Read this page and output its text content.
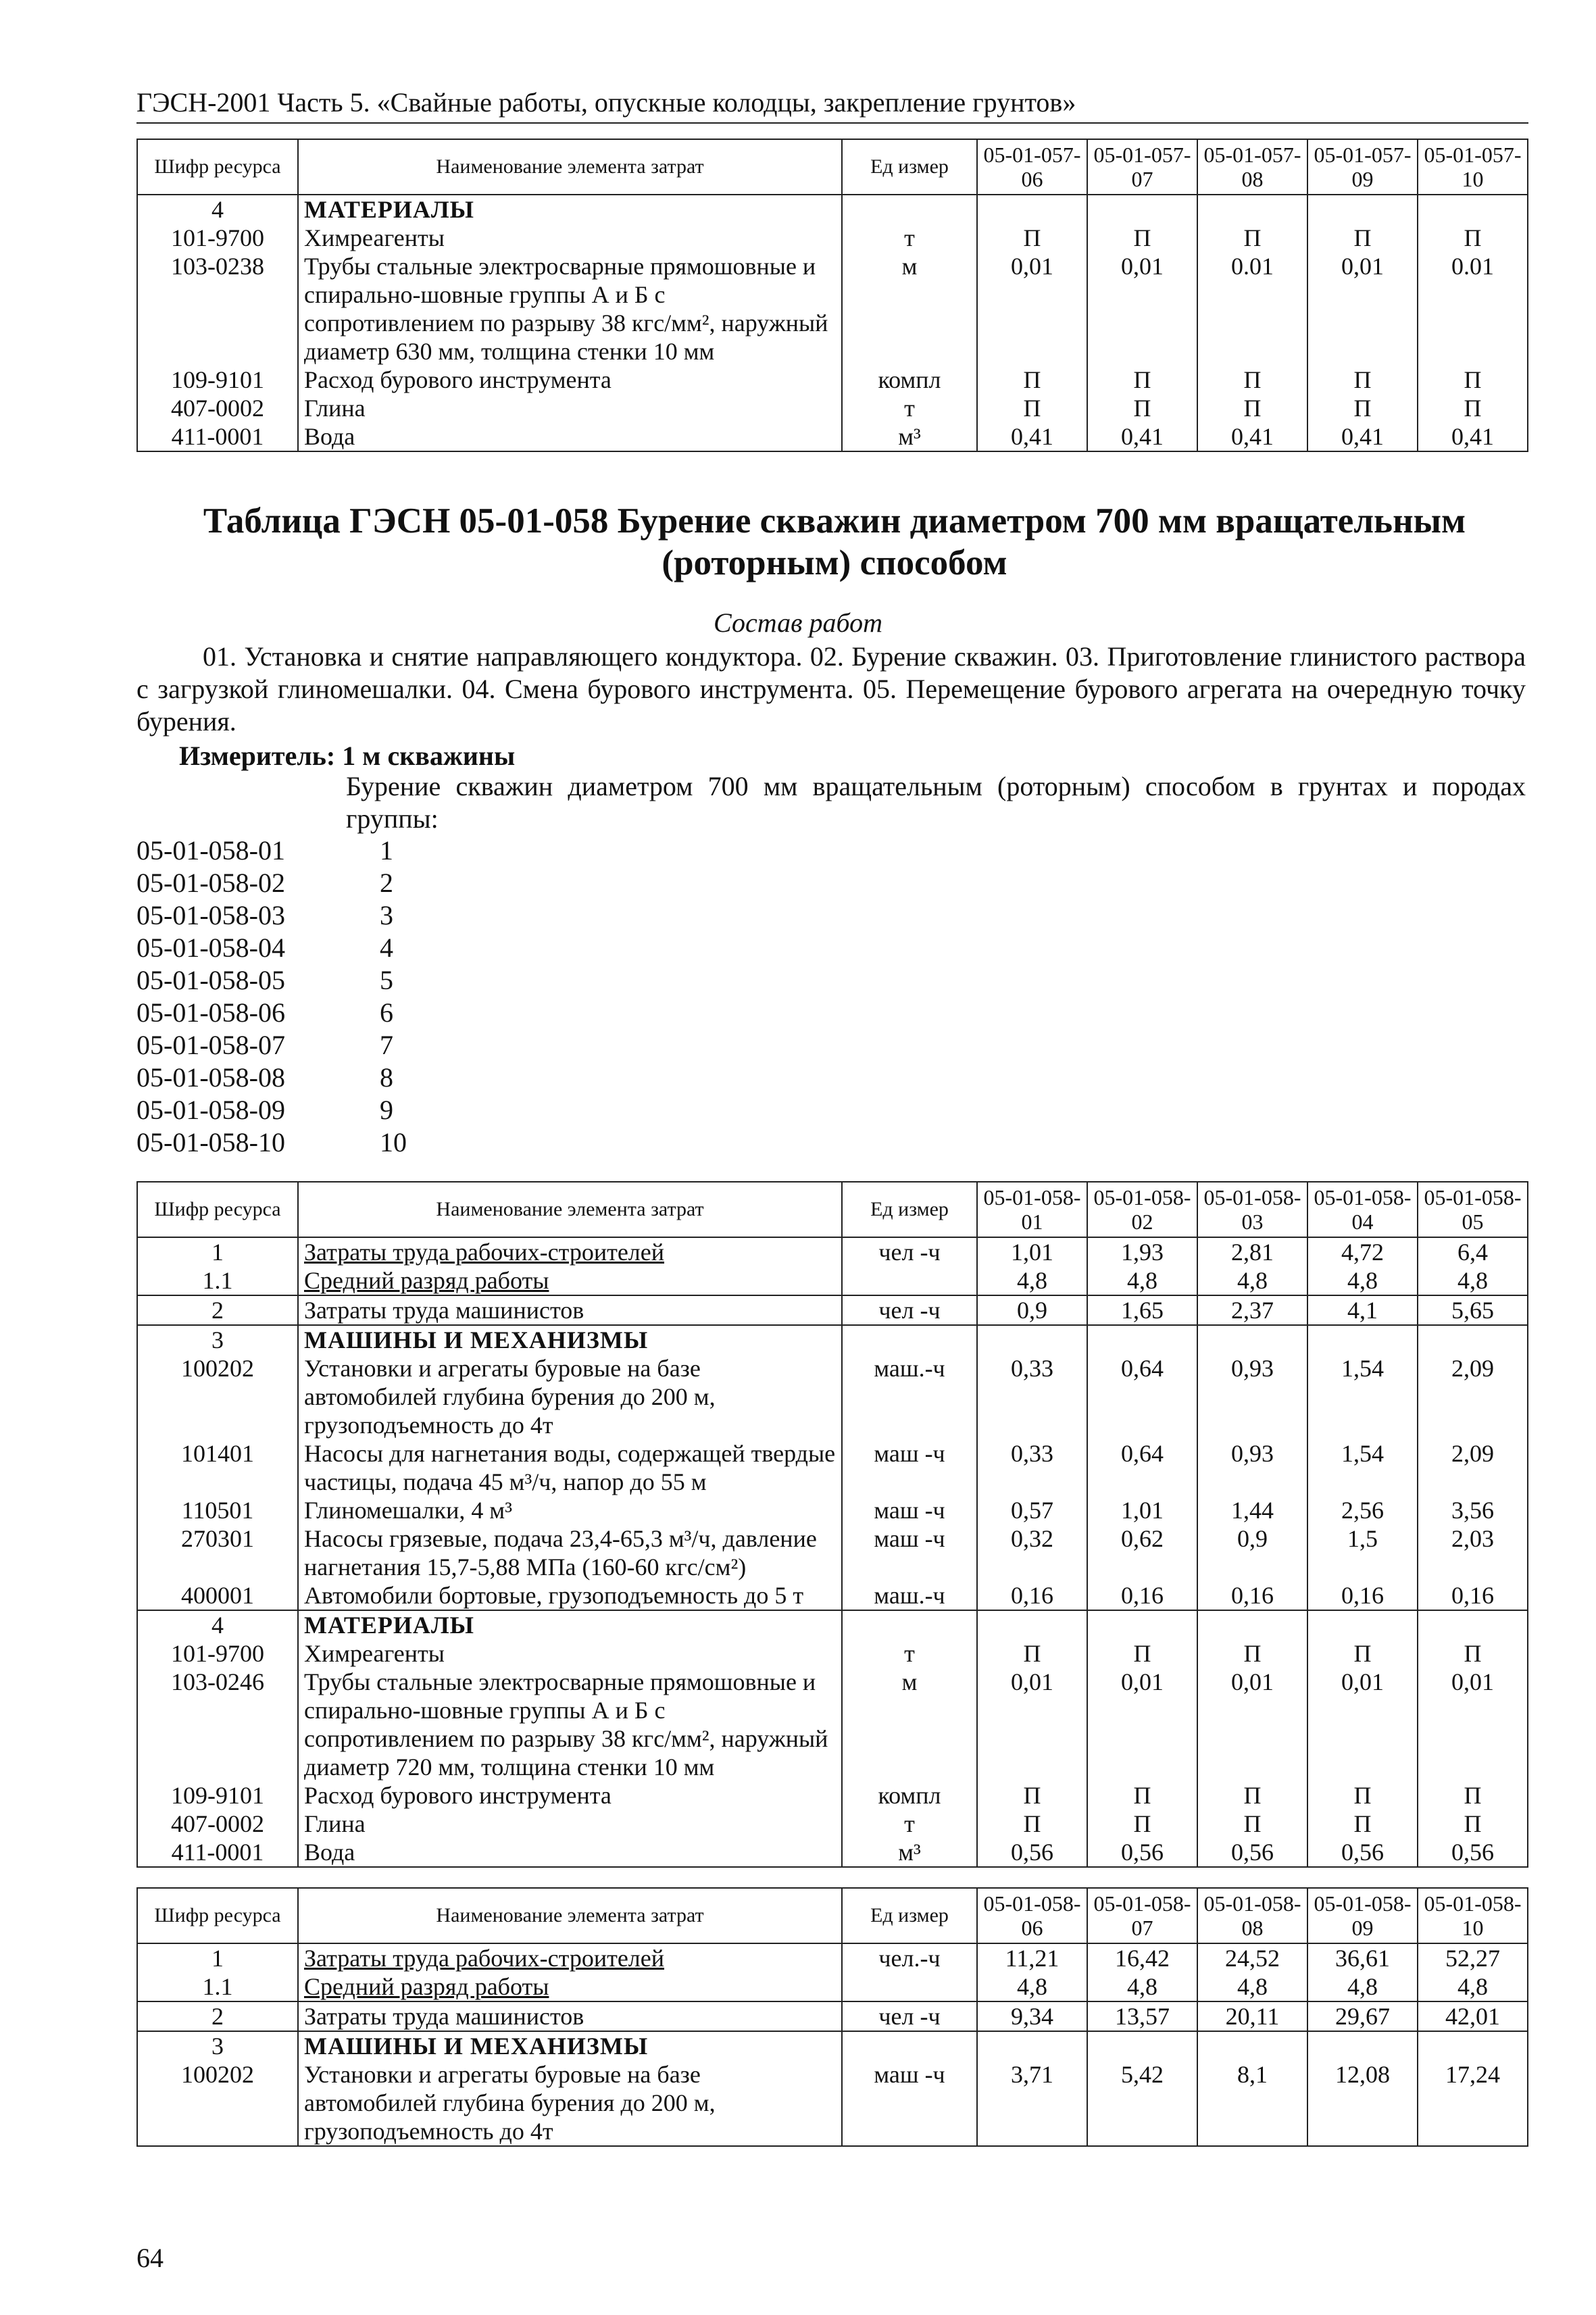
ГЭСН-2001 Часть 5. «Свайные работы, опускные колодцы, закрепление грунтов»
Шифр ресурса	Наименование элемента затрат	Ед измер	05-01-057-06	05-01-057-07	05-01-057-08	05-01-057-09	05-01-057-10
4	МАТЕРИАЛЫ						
101-9700	Химреагенты	т	П	П	П	П	П
103-0238	Трубы стальные электросварные прямошовные и спирально-шовные группы А и Б с сопротивлением по разрыву 38 кгс/мм², наружный диаметр 630 мм, толщина стенки 10 мм	м	0,01	0,01	0.01	0,01	0.01
109-9101	Расход бурового инструмента	компл	П	П	П	П	П
407-0002	Глина	т	П	П	П	П	П
411-0001	Вода	м³	0,41	0,41	0,41	0,41	0,41
Таблица ГЭСН 05-01-058 Бурение скважин диаметром 700 мм вращательным (роторным) способом
Состав работ
01. Установка и снятие направляющего кондуктора. 02. Бурение скважин. 03. Приготовление глинистого раствора с загрузкой глиномешалки. 04. Смена бурового инструмента. 05. Перемещение бурового агрегата на очередную точку бурения.
Измеритель: 1 м скважины
Бурение скважин диаметром 700 мм вращательным (роторным) способом в грунтах и породах группы:
05-01-058-01	1
05-01-058-02	2
05-01-058-03	3
05-01-058-04	4
05-01-058-05	5
05-01-058-06	6
05-01-058-07	7
05-01-058-08	8
05-01-058-09	9
05-01-058-10	10
Шифр ресурса	Наименование элемента затрат	Ед измер	05-01-058-01	05-01-058-02	05-01-058-03	05-01-058-04	05-01-058-05
1	Затраты труда рабочих-строителей	чел -ч	1,01	1,93	2,81	4,72	6,4
1.1	Средний разряд работы		4,8	4,8	4,8	4,8	4,8
2	Затраты труда машинистов	чел -ч	0,9	1,65	2,37	4,1	5,65
3	МАШИНЫ И МЕХАНИЗМЫ						
100202	Установки и агрегаты буровые на базе автомобилей глубина бурения до 200 м, грузоподъемность до 4т	маш.-ч	0,33	0,64	0,93	1,54	2,09
101401	Насосы для нагнетания воды, содержащей твердые частицы, подача 45 м³/ч, напор до 55 м	маш -ч	0,33	0,64	0,93	1,54	2,09
110501	Глиномешалки, 4 м³	маш -ч	0,57	1,01	1,44	2,56	3,56
270301	Насосы грязевые, подача 23,4-65,3 м³/ч, давление нагнетания 15,7-5,88 МПа (160-60 кгс/см²)	маш -ч	0,32	0,62	0,9	1,5	2,03
400001	Автомобили бортовые, грузоподъемность до 5 т	маш.-ч	0,16	0,16	0,16	0,16	0,16
4	МАТЕРИАЛЫ						
101-9700	Химреагенты	т	П	П	П	П	П
103-0246	Трубы стальные электросварные прямошовные и спирально-шовные группы А и Б с сопротивлением по разрыву 38 кгс/мм², наружный диаметр 720 мм, толщина стенки 10 мм	м	0,01	0,01	0,01	0,01	0,01
109-9101	Расход бурового инструмента	компл	П	П	П	П	П
407-0002	Глина	т	П	П	П	П	П
411-0001	Вода	м³	0,56	0,56	0,56	0,56	0,56
Шифр ресурса	Наименование элемента затрат	Ед измер	05-01-058-06	05-01-058-07	05-01-058-08	05-01-058-09	05-01-058-10
1	Затраты труда рабочих-строителей	чел.-ч	11,21	16,42	24,52	36,61	52,27
1.1	Средний разряд работы		4,8	4,8	4,8	4,8	4,8
2	Затраты труда машинистов	чел -ч	9,34	13,57	20,11	29,67	42,01
3	МАШИНЫ И МЕХАНИЗМЫ						
100202	Установки и агрегаты буровые на базе автомобилей глубина бурения до 200 м, грузоподъемность до 4т	маш -ч	3,71	5,42	8,1	12,08	17,24
64
